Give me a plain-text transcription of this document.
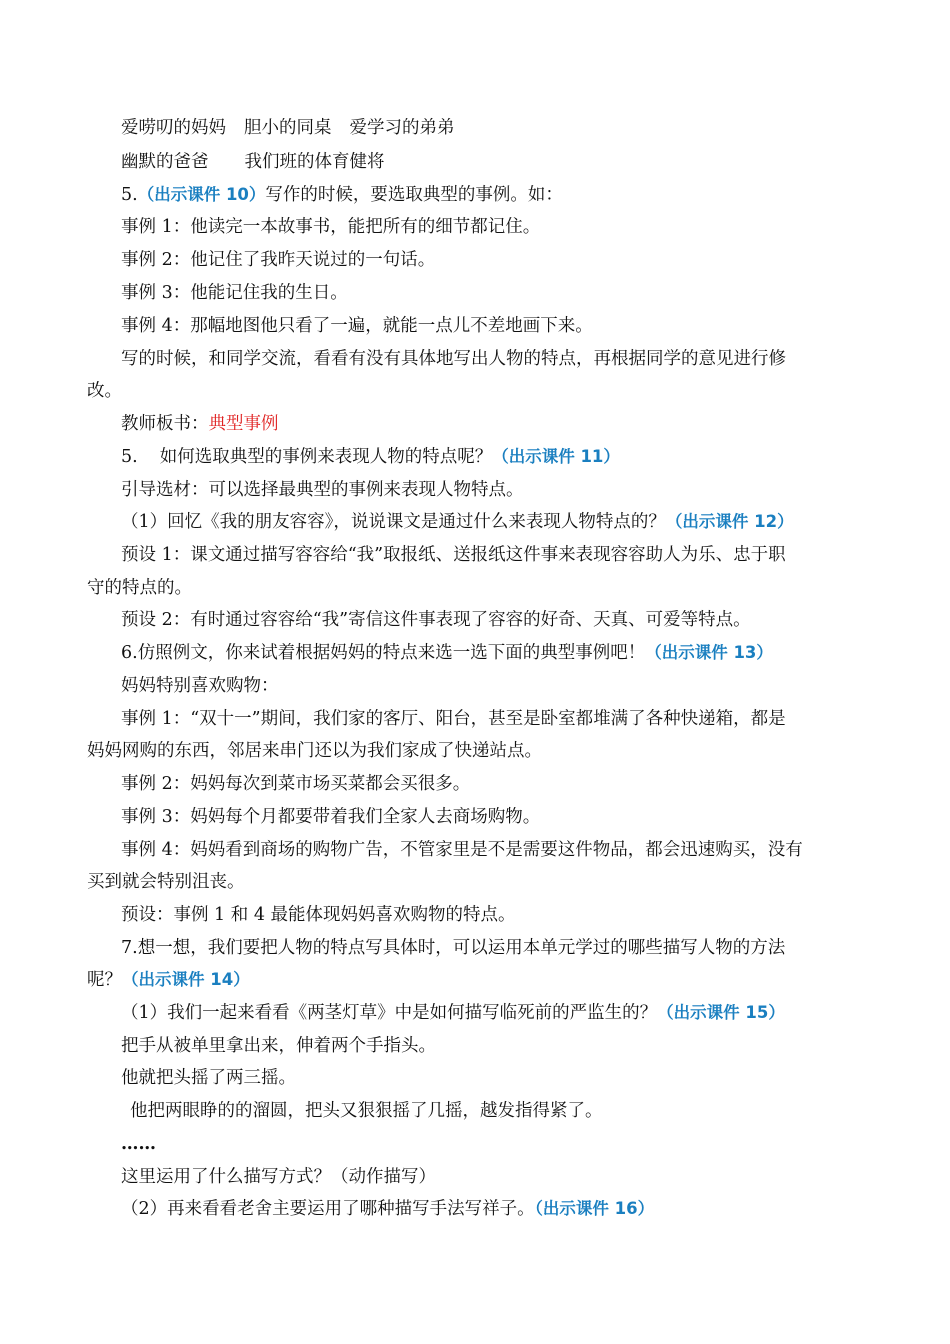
爱唠叨的妈妈 胆小的同桌 爱学习的弟弟
幽默的爸爸 我们班的体育健将
5.（出示课件 10）写作的时候，要选取典型的事例。如：
事例 1：他读完一本故事书，能把所有的细节都记住。
事例 2：他记住了我昨天说过的一句话。
事例 3：他能记住我的生日。
事例 4：那幅地图他只看了一遍，就能一点儿不差地画下来。
写的时候，和同学交流，看看有没有具体地写出人物的特点，再根据同学的意见进行修
改。
教师板书：典型事例
5. 如何选取典型的事例来表现人物的特点呢？（出示课件 11）
引导选材：可以选择最典型的事例来表现人物特点。
（1）回忆《我的朋友容容》，说说课文是通过什么来表现人物特点的？（出示课件 12）
预设 1：课文通过描写容容给“我”取报纸、送报纸这件事来表现容容助人为乐、忠于职
守的特点的。
预设 2：有时通过容容给“我”寄信这件事表现了容容的好奇、天真、可爱等特点。
6.仿照例文，你来试着根据妈妈的特点来选一选下面的典型事例吧！（出示课件 13）
妈妈特别喜欢购物：
事例 1：“双十一”期间，我们家的客厅、阳台，甚至是卧室都堆满了各种快递箱，都是
妈妈网购的东西，邻居来串门还以为我们家成了快递站点。
事例 2：妈妈每次到菜市场买菜都会买很多。
事例 3：妈妈每个月都要带着我们全家人去商场购物。
事例 4：妈妈看到商场的购物广告，不管家里是不是需要这件物品，都会迅速购买，没有
买到就会特别沮丧。
预设：事例 1 和 4 最能体现妈妈喜欢购物的特点。
7.想一想，我们要把人物的特点写具体时，可以运用本单元学过的哪些描写人物的方法
呢？（出示课件 14）
（1）我们一起来看看《两茎灯草》中是如何描写临死前的严监生的？（出示课件 15）
把手从被单里拿出来，伸着两个手指头。
他就把头摇了两三摇。
他把两眼睁的的溜圆，把头又狠狠摇了几摇，越发指得紧了。
……
这里运用了什么描写方式？（动作描写）
（2）再来看看老舍主要运用了哪种描写手法写祥子。（出示课件 16）
